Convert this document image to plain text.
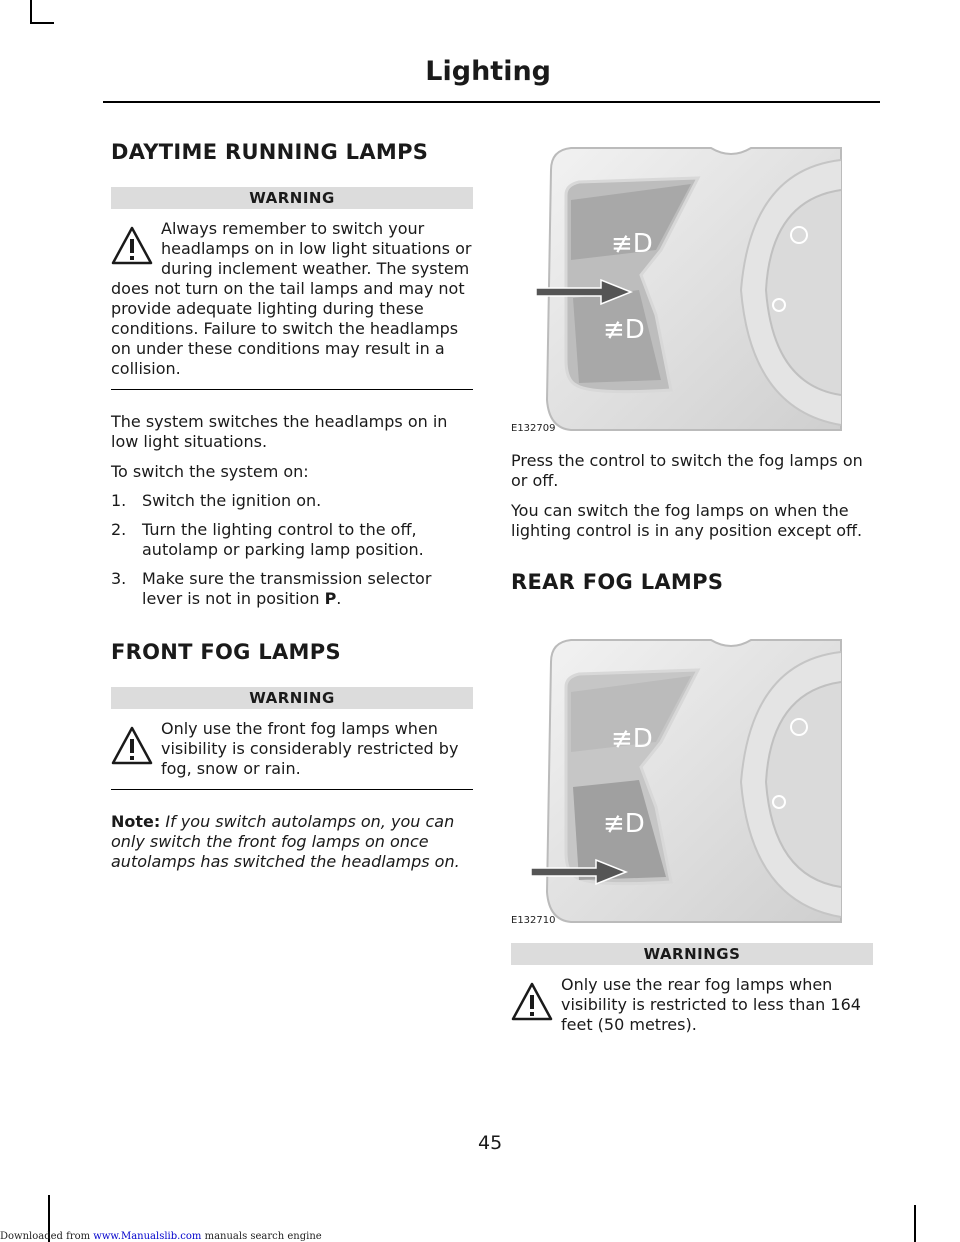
Lighting
DAYTIME RUNNING LAMPS
WARNING
Always remember to switch your headlamps on in low light situations or during inclement weather. The system does not turn on the tail lamps and may not provide adequate lighting during these conditions. Failure to switch the headlamps on under these conditions may result in a collision.

The system switches the headlamps on in low light situations.

To switch the system on:

1. Switch the ignition on.
2. Turn the lighting control to the off, autolamp or parking lamp position.
3. Make sure the transmission selector lever is not in position P.
FRONT FOG LAMPS
WARNING
Only use the front fog lamps when visibility is considerably restricted by fog, snow or rain.

Note: If you switch autolamps on, you can only switch the front fog lamps on once autolamps has switched the headlamps on.

≢D
≢D
E132709

Press the control to switch the fog lamps on or off.

You can switch the fog lamps on when the lighting control is in any position except off.

REAR FOG LAMPS
≢D
≢D
E132710
WARNINGS
Only use the rear fog lamps when visibility is restricted to less than 164 feet (50 metres).
45
Downloaded from www.Manualslib.com manuals search engine
